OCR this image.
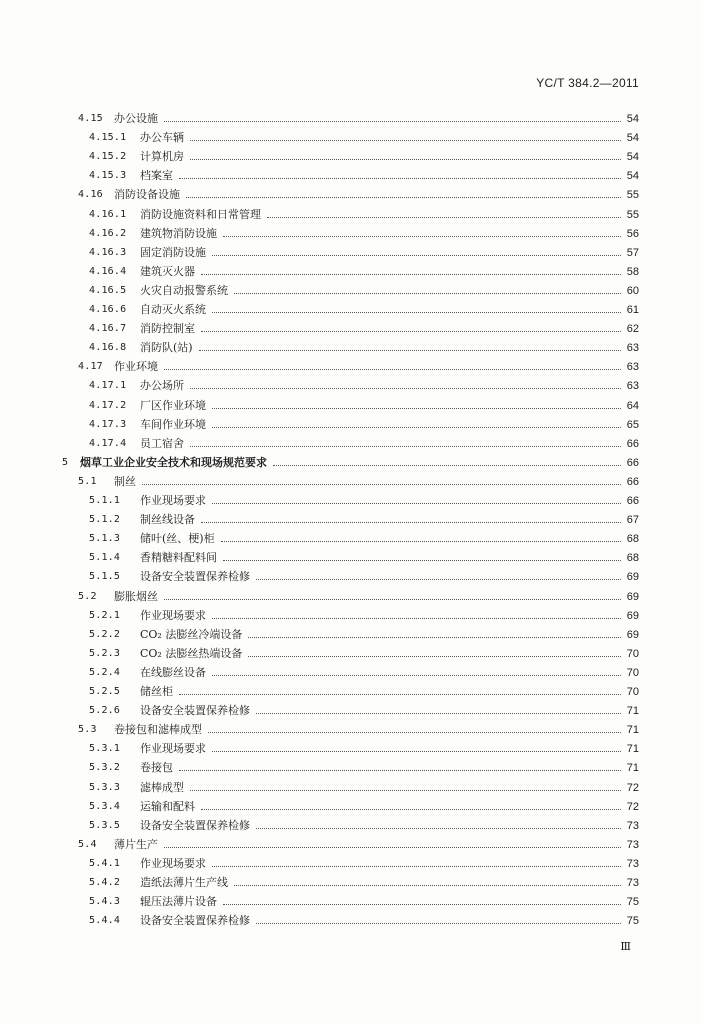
YC/T 384.2—2011
4.15 办公设施	54
4.15.1 办公车辆	54
4.15.2 计算机房	54
4.15.3 档案室	54
4.16 消防设备设施	55
4.16.1 消防设施资料和日常管理	55
4.16.2 建筑物消防设施	56
4.16.3 固定消防设施	57
4.16.4 建筑灭火器	58
4.16.5 火灾自动报警系统	60
4.16.6 自动灭火系统	61
4.16.7 消防控制室	62
4.16.8 消防队(站)	63
4.17 作业环境	63
4.17.1 办公场所	63
4.17.2 厂区作业环境	64
4.17.3 车间作业环境	65
4.17.4 员工宿舍	66
5 烟草工业企业安全技术和现场规范要求	66
5.1 制丝	66
5.1.1 作业现场要求	66
5.1.2 制丝线设备	67
5.1.3 储叶(丝、梗)柜	68
5.1.4 香精糖料配料间	68
5.1.5 设备安全装置保养检修	69
5.2 膨胀烟丝	69
5.2.1 作业现场要求	69
5.2.2 CO₂ 法膨丝冷端设备	69
5.2.3 CO₂ 法膨丝热端设备	70
5.2.4 在线膨丝设备	70
5.2.5 储丝柜	70
5.2.6 设备安全装置保养检修	71
5.3 卷接包和滤棒成型	71
5.3.1 作业现场要求	71
5.3.2 卷接包	71
5.3.3 滤棒成型	72
5.3.4 运输和配料	72
5.3.5 设备安全装置保养检修	73
5.4 薄片生产	73
5.4.1 作业现场要求	73
5.4.2 造纸法薄片生产线	73
5.4.3 辊压法薄片设备	75
5.4.4 设备安全装置保养检修	75
Ⅲ
